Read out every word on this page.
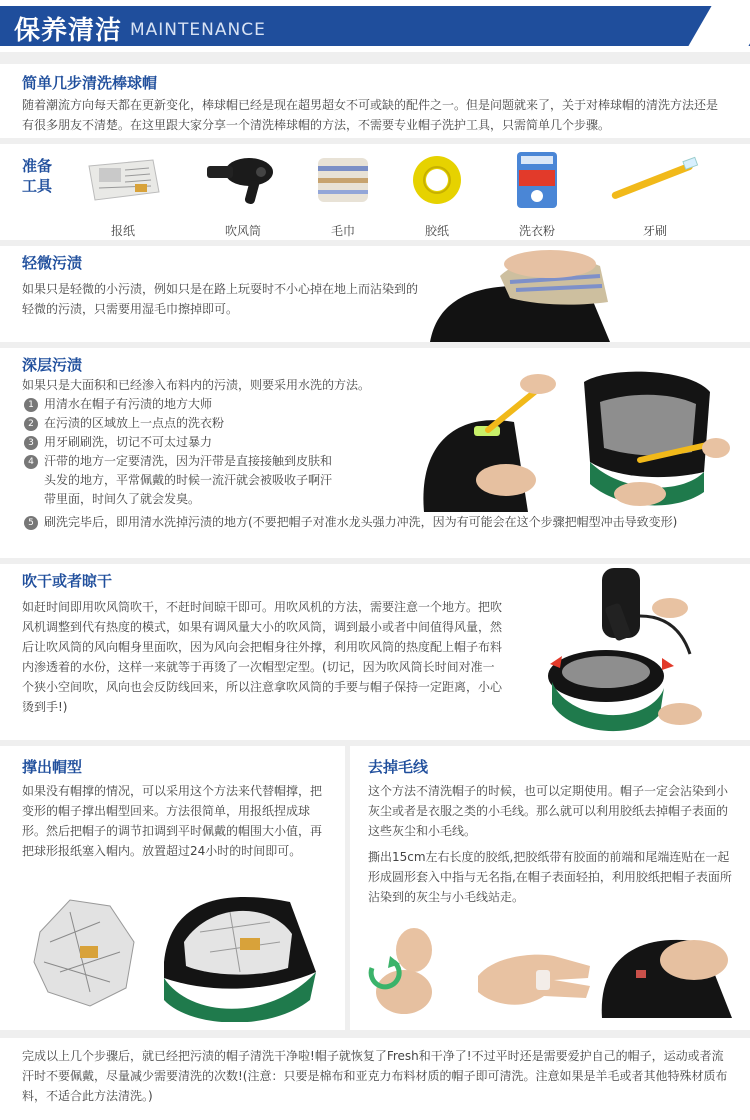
保养清洁 MAINTENANCE
简单几步清洗棒球帽

随着潮流方向每天都在更新变化，棒球帽已经是现在超男超女不可或缺的配件之一。但是问题就来了，关于对棒球帽的清洗方法还是有很多朋友不清楚。在这里跟大家分享一个清洗棒球帽的方法，不需要专业帽子洗护工具，只需简单几个步骤。

准备工具
报纸	吹风筒	毛巾	胶纸	洗衣粉	牙刷
轻微污渍

如果只是轻微的小污渍，例如只是在路上玩耍时不小心掉在地上而沾染到的轻微的污渍，只需要用湿毛巾擦掉即可。

深层污渍

如果只是大面积和已经渗入布料内的污渍，则要采用水洗的方法。

1 用清水在帽子有污渍的地方大师
2 在污渍的区域放上一点点的洗衣粉
3 用牙刷刷洗，切记不可太过暴力
4 汗带的地方一定要清洗，因为汗带是直接接触到皮肤和头发的地方，平常佩戴的时候一流汗就会被吸收子啊汗带里面，时间久了就会发臭。
5 刷洗完毕后，即用清水洗掉污渍的地方(不要把帽子对准水龙头强力冲洗，因为有可能会在这个步骤把帽型冲击导致变形)
吹干或者晾干

如赶时间即用吹风筒吹干，不赶时间晾干即可。用吹风机的方法，需要注意一个地方。把吹风机调整到代有热度的模式，如果有调风量大小的吹风筒，调到最小或者中间值得风量，然后让吹风筒的风向帽身里面吹，因为风向会把帽身往外撑，利用吹风筒的热度配上帽子布料内渗透着的水份，这样一来就等于再烫了一次帽型定型。(切记，因为吹风筒长时间对准一个狭小空间吹，风向也会反防线回来，所以注意拿吹风筒的手要与帽子保持一定距离，小心烫到手!)

撑出帽型

如果没有帽撑的情况，可以采用这个方法来代替帽撑，把变形的帽子撑出帽型回来。方法很简单，用报纸捏成球形。然后把帽子的调节扣调到平时佩戴的帽围大小值，再把球形报纸塞入帽内。放置超过24小时的时间即可。

去掉毛线

这个方法不清洗帽子的时候，也可以定期使用。帽子一定会沾染到小灰尘或者是衣服之类的小毛线。那么就可以利用胶纸去掉帽子表面的这些灰尘和小毛线。

撕出15cm左右长度的胶纸,把胶纸带有胶面的前端和尾端连贴在一起形成圆形套入中指与无名指,在帽子表面轻拍，利用胶纸把帽子表面所沾染到的灰尘与小毛线站走。

完成以上几个步骤后，就已经把污渍的帽子清洗干净啦!帽子就恢复了Fresh和干净了!不过平时还是需要爱护自己的帽子，运动或者流汗时不要佩戴，尽量减少需要清洗的次数!(注意：只要是棉布和亚克力布料材质的帽子即可清洗。注意如果是羊毛或者其他特殊材质布料，不适合此方法清洗。)
